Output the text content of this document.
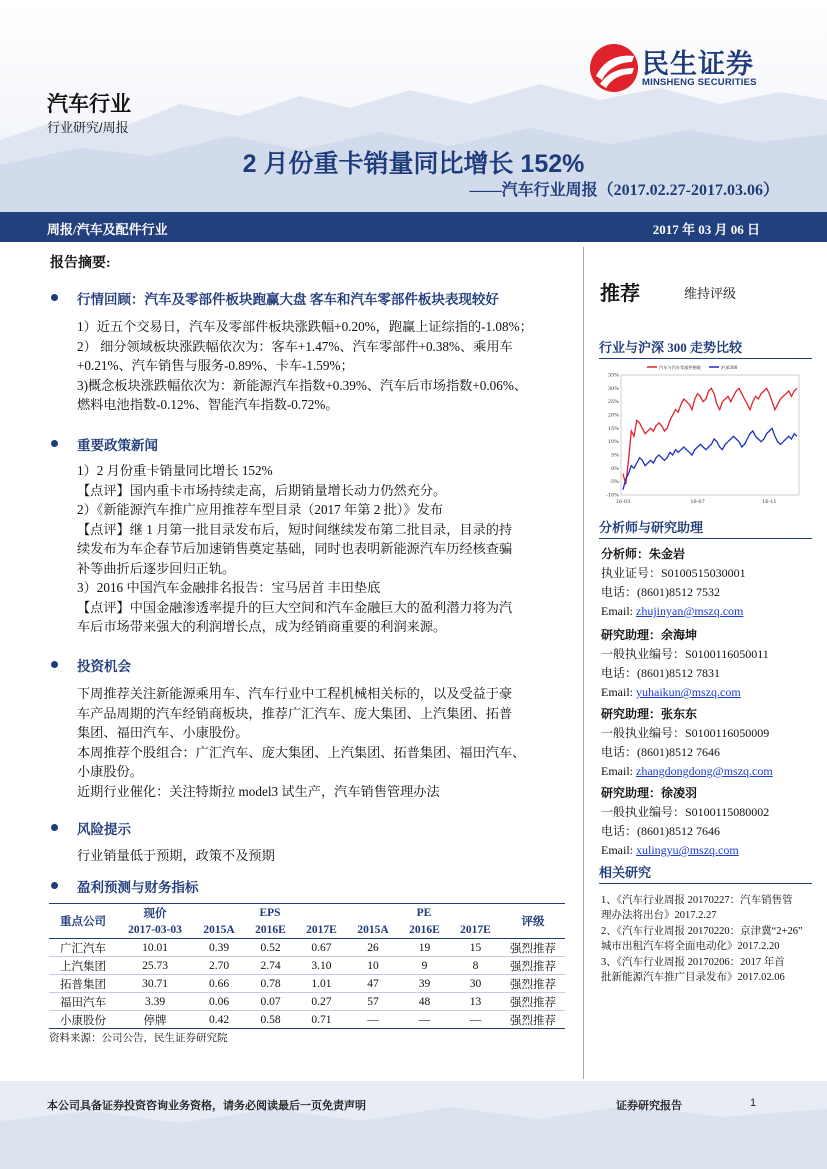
民生证券
MINSHENG SECURITIES
汽车行业
行业研究/周报
2 月份重卡销量同比增长 152%
——汽车行业周报（2017.02.27-2017.03.06）
周报/汽车及配件行业	2017 年 03 月 06 日
报告摘要:
行情回顾：汽车及零部件板块跑赢大盘 客车和汽车零部件板块表现较好
1）近五个交易日，汽车及零部件板块涨跌幅+0.20%，跑赢上证综指的-1.08%；
2） 细分领域板块涨跌幅依次为：客车+1.47%、汽车零部件+0.38%、乘用车
+0.21%、汽车销售与服务-0.89%、卡车-1.59%；
3)概念板块涨跌幅依次为：新能源汽车指数+0.39%、汽车后市场指数+0.06%、
燃料电池指数-0.12%、智能汽车指数-0.72%。
重要政策新闻
1）2 月份重卡销量同比增长 152%
【点评】国内重卡市场持续走高，后期销量增长动力仍然充分。
2）《新能源汽车推广应用推荐车型目录（2017 年第 2 批）》发布
【点评】继 1 月第一批目录发布后，短时间继续发布第二批目录，目录的持
续发布为车企春节后加速销售奠定基础，同时也表明新能源汽车历经核查骗
补等曲折后逐步回归正轨。
3）2016 中国汽车金融排名报告：宝马居首 丰田垫底
【点评】中国金融渗透率提升的巨大空间和汽车金融巨大的盈利潜力将为汽
车后市场带来强大的利润增长点，成为经销商重要的利润来源。
投资机会
下周推荐关注新能源乘用车、汽车行业中工程机械相关标的，以及受益于豪
车产品周期的汽车经销商板块，推荐广汇汽车、庞大集团、上汽集团、拓普
集团、福田汽车、小康股份。
本周推荐个股组合：广汇汽车、庞大集团、上汽集团、拓普集团、福田汽车、
小康股份。
近期行业催化：关注特斯拉 model3 试生产，汽车销售管理办法
风险提示
行业销量低于预期，政策不及预期
盈利预测与财务指标
重点公司	现价	EPS			PE			评级
	2017-03-03	2015A	2016E	2017E	2015A	2016E	2017E	
广汇汽车	10.01	0.39	0.52	0.67	26	19	15	强烈推荐
上汽集团	25.73	2.70	2.74	3.10	10	9	8	强烈推荐
拓普集团	30.71	0.66	0.78	1.01	47	39	30	强烈推荐
福田汽车	3.39	0.06	0.07	0.27	57	48	13	强烈推荐
小康股份	停牌	0.42	0.58	0.71	—	—	—	强烈推荐
资料来源：公司公告，民生证券研究院
推荐	维持评级
行业与沪深 300 走势比较
35%
30%
25%
20%
15%
10%
5%
0%
-5%
-10%
16-03	16-07	16-11
汽车与汽车零部件指数	沪深300
分析师与研究助理
分析师：朱金岩
执业证号：S0100515030001
电话：(8601)8512 7532
Email: zhujinyan@mszq.com
研究助理：余海坤
一般执业编号：S0100116050011
电话：(8601)8512 7831
Email: yuhaikun@mszq.com
研究助理：张东东
一般执业编号：S0100116050009
电话：(8601)8512 7646
Email: zhangdongdong@mszq.com
研究助理：徐凌羽
一般执业编号：S0100115080002
电话：(8601)8512 7646
Email: xulingyu@mszq.com
相关研究
1、《汽车行业周报 20170227：汽车销售管
理办法将出台》2017.2.27
2、《汽车行业周报 20170220：京津冀“2+26”
城市出租汽车将全面电动化》2017.2.20
3、《汽车行业周报 20170206：2017 年首
批新能源汽车推广目录发布》2017.02.06
本公司具备证券投资咨询业务资格，请务必阅读最后一页免责声明	证券研究报告	1
